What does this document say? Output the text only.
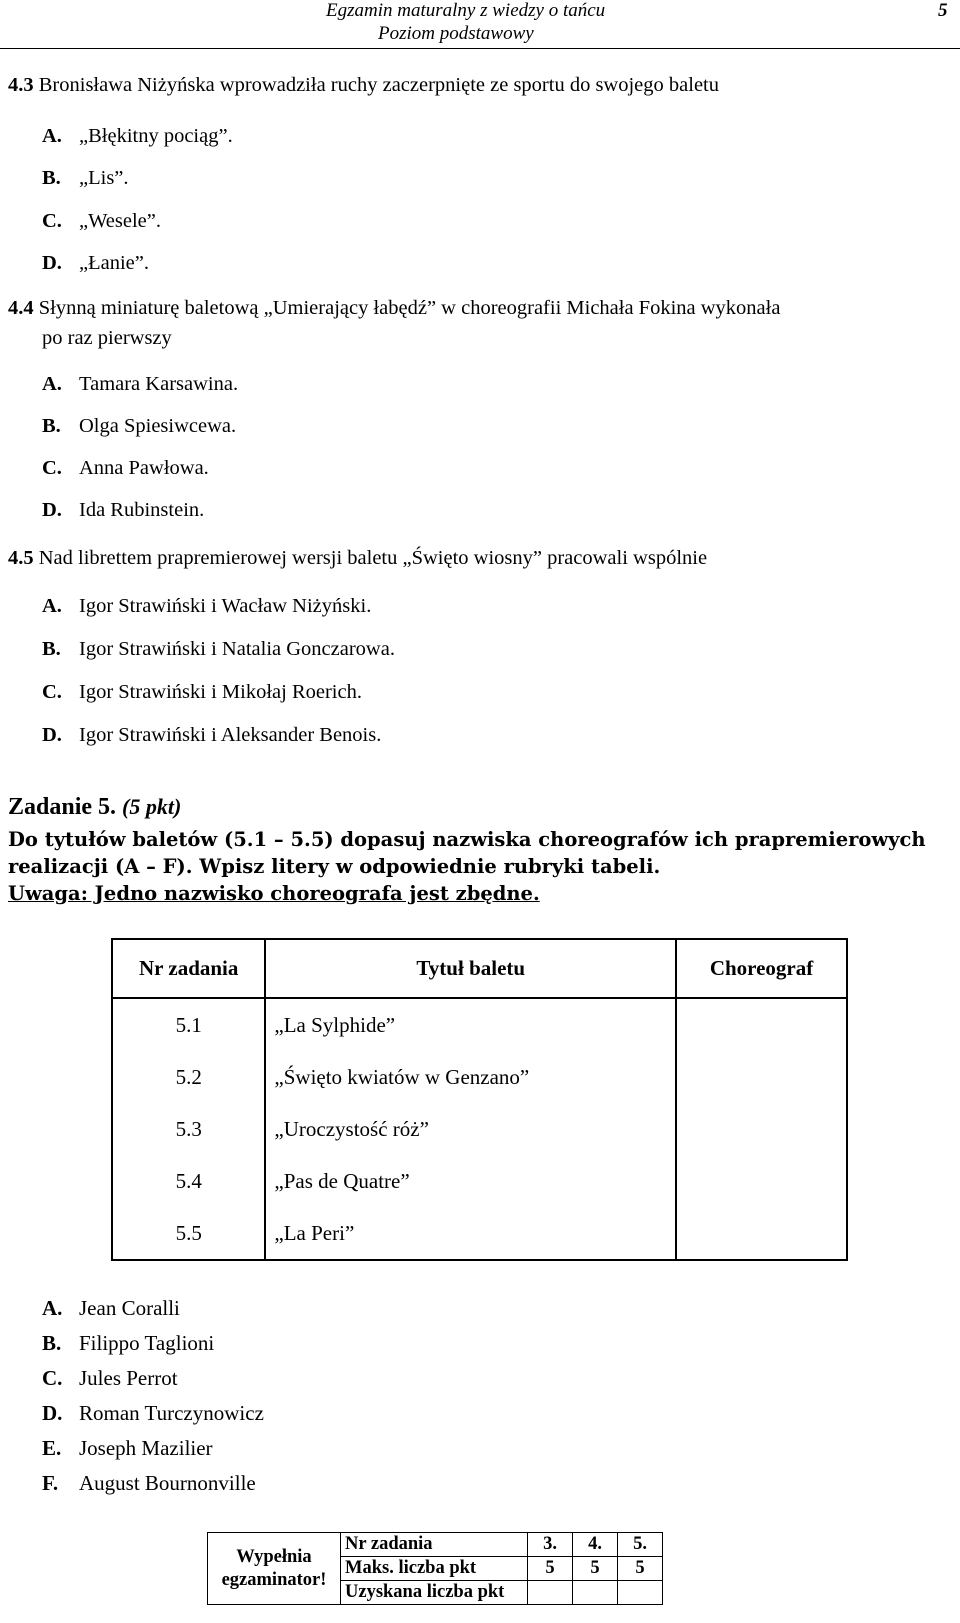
Egzamin maturalny z wiedzy o tańcu	5
Poziom podstawowy
4.3 Bronisława Niżyńska wprowadziła ruchy zaczerpnięte ze sportu do swojego baletu
A. „Błękitny pociąg”.
B. „Lis”.
C. „Wesele”.
D. „Łanie”.
4.4 Słynną miniaturę baletową „Umierający łabędź” w choreografii Michała Fokina wykonała
po raz pierwszy
A. Tamara Karsawina.
B. Olga Spiesiwcewa.
C. Anna Pawłowa.
D. Ida Rubinstein.
4.5 Nad librettem prapremierowej wersji baletu „Święto wiosny” pracowali wspólnie
A. Igor Strawiński i Wacław Niżyński.
B. Igor Strawiński i Natalia Gonczarowa.
C. Igor Strawiński i Mikołaj Roerich.
D. Igor Strawiński i Aleksander Benois.
Zadanie 5. (5 pkt)
Do tytułów baletów (5.1 – 5.5) dopasuj nazwiska choreografów ich prapremierowych realizacji (A – F). Wpisz litery w odpowiednie rubryki tabeli.
Uwaga: Jedno nazwisko choreografa jest zbędne.
Nr zadania	Tytuł baletu	Choreograf
5.1	„La Sylphide”	
5.2	„Święto kwiatów w Genzano”	
5.3	„Uroczystość róż”	
5.4	„Pas de Quatre”	
5.5	„La Peri”	
A. Jean Coralli
B. Filippo Taglioni
C. Jules Perrot
D. Roman Turczynowicz
E. Joseph Mazilier
F. August Bournonville
Wypełnia
egzaminator!	Nr zadania	3.	4.	5.
	Maks. liczba pkt	5	5	5
	Uzyskana liczba pkt			
